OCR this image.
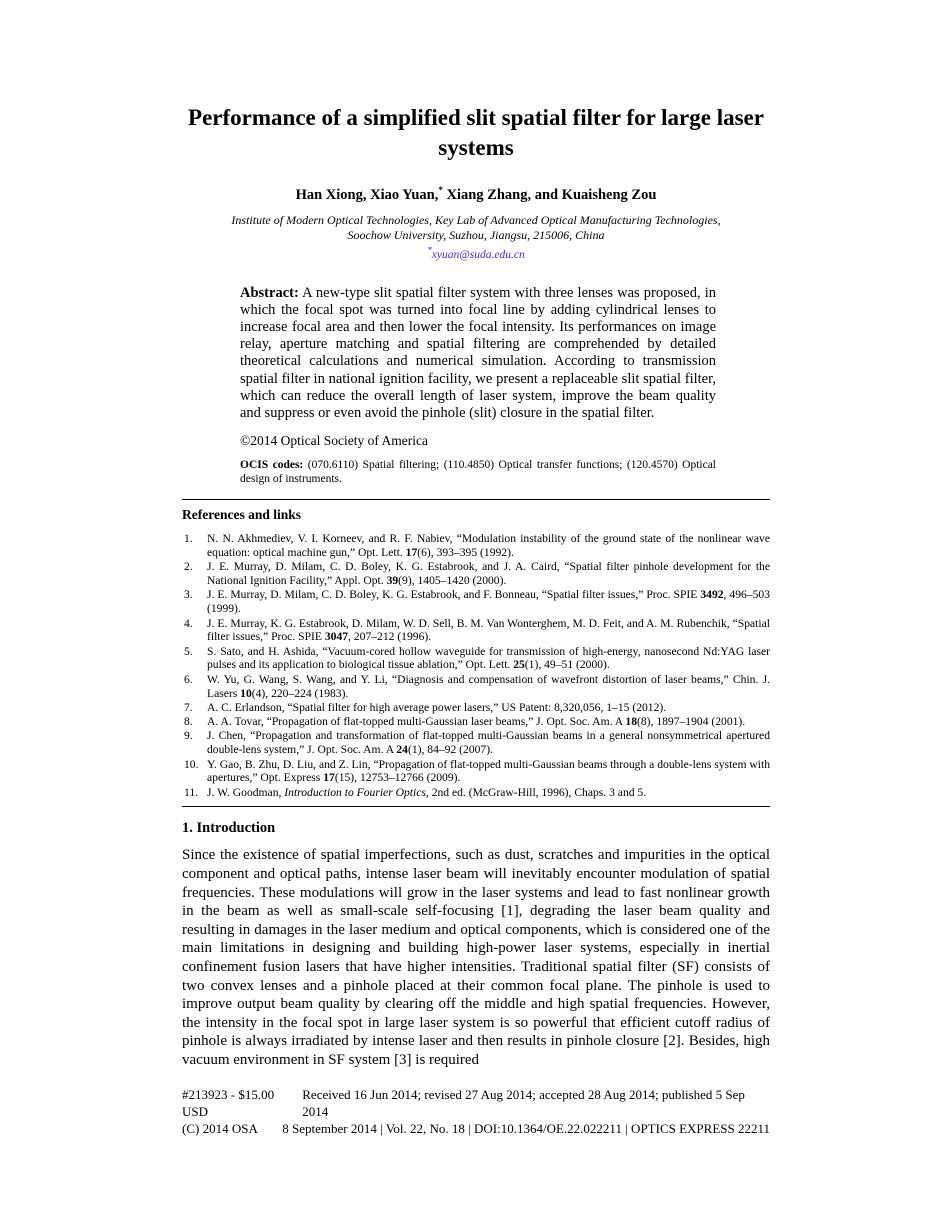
Performance of a simplified slit spatial filter for large laser systems
Han Xiong, Xiao Yuan,* Xiang Zhang, and Kuaisheng Zou
Institute of Modern Optical Technologies, Key Lab of Advanced Optical Manufacturing Technologies,
Soochow University, Suzhou, Jiangsu, 215006, China
*xyuan@suda.edu.cn

Abstract: A new-type slit spatial filter system with three lenses was proposed, in which the focal spot was turned into focal line by adding cylindrical lenses to increase focal area and then lower the focal intensity. Its performances on image relay, aperture matching and spatial filtering are comprehended by detailed theoretical calculations and numerical simulation. According to transmission spatial filter in national ignition facility, we present a replaceable slit spatial filter, which can reduce the overall length of laser system, improve the beam quality and suppress or even avoid the pinhole (slit) closure in the spatial filter.

©2014 Optical Society of America

OCIS codes: (070.6110) Spatial filtering; (110.4850) Optical transfer functions; (120.4570) Optical design of instruments.

References and links
1. N. N. Akhmediev, V. I. Korneev, and R. F. Nabiev, “Modulation instability of the ground state of the nonlinear wave equation: optical machine gun,” Opt. Lett. 17(6), 393–395 (1992).
2. J. E. Murray, D. Milam, C. D. Boley, K. G. Estabrook, and J. A. Caird, “Spatial filter pinhole development for the National Ignition Facility,” Appl. Opt. 39(9), 1405–1420 (2000).
3. J. E. Murray, D. Milam, C. D. Boley, K. G. Estabrook, and F. Bonneau, “Spatial filter issues,” Proc. SPIE 3492, 496–503 (1999).
4. J. E. Murray, K. G. Estabrook, D. Milam, W. D. Sell, B. M. Van Wonterghem, M. D. Feit, and A. M. Rubenchik, “Spatial filter issues,” Proc. SPIE 3047, 207–212 (1996).
5. S. Sato, and H. Ashida, “Vacuum-cored hollow waveguide for transmission of high-energy, nanosecond Nd:YAG laser pulses and its application to biological tissue ablation,” Opt. Lett. 25(1), 49–51 (2000).
6. W. Yu, G. Wang, S. Wang, and Y. Li, “Diagnosis and compensation of wavefront distortion of laser beams,” Chin. J. Lasers 10(4), 220–224 (1983).
7. A. C. Erlandson, “Spatial filter for high average power lasers,” US Patent: 8,320,056, 1–15 (2012).
8. A. A. Tovar, “Propagation of flat-topped multi-Gaussian laser beams,” J. Opt. Soc. Am. A 18(8), 1897–1904 (2001).
9. J. Chen, “Propagation and transformation of flat-topped multi-Gaussian beams in a general nonsymmetrical apertured double-lens system,” J. Opt. Soc. Am. A 24(1), 84–92 (2007).
10. Y. Gao, B. Zhu, D. Liu, and Z. Lin, “Propagation of flat-topped multi-Gaussian beams through a double-lens system with apertures,” Opt. Express 17(15), 12753–12766 (2009).
11. J. W. Goodman, Introduction to Fourier Optics, 2nd ed. (McGraw-Hill, 1996), Chaps. 3 and 5.
1. Introduction

Since the existence of spatial imperfections, such as dust, scratches and impurities in the optical component and optical paths, intense laser beam will inevitably encounter modulation of spatial frequencies. These modulations will grow in the laser systems and lead to fast nonlinear growth in the beam as well as small-scale self-focusing [1], degrading the laser beam quality and resulting in damages in the laser medium and optical components, which is considered one of the main limitations in designing and building high-power laser systems, especially in inertial confinement fusion lasers that have higher intensities. Traditional spatial filter (SF) consists of two convex lenses and a pinhole placed at their common focal plane. The pinhole is used to improve output beam quality by clearing off the middle and high spatial frequencies. However, the intensity in the focal spot in large laser system is so powerful that efficient cutoff radius of pinhole is always irradiated by intense laser and then results in pinhole closure [2]. Besides, high vacuum environment in SF system [3] is required

#213923 - $15.00 USD
Received 16 Jun 2014; revised 27 Aug 2014; accepted 28 Aug 2014; published 5 Sep 2014
(C) 2014 OSA 8 September 2014 | Vol. 22, No. 18 | DOI:10.1364/OE.22.022211 | OPTICS EXPRESS 22211
